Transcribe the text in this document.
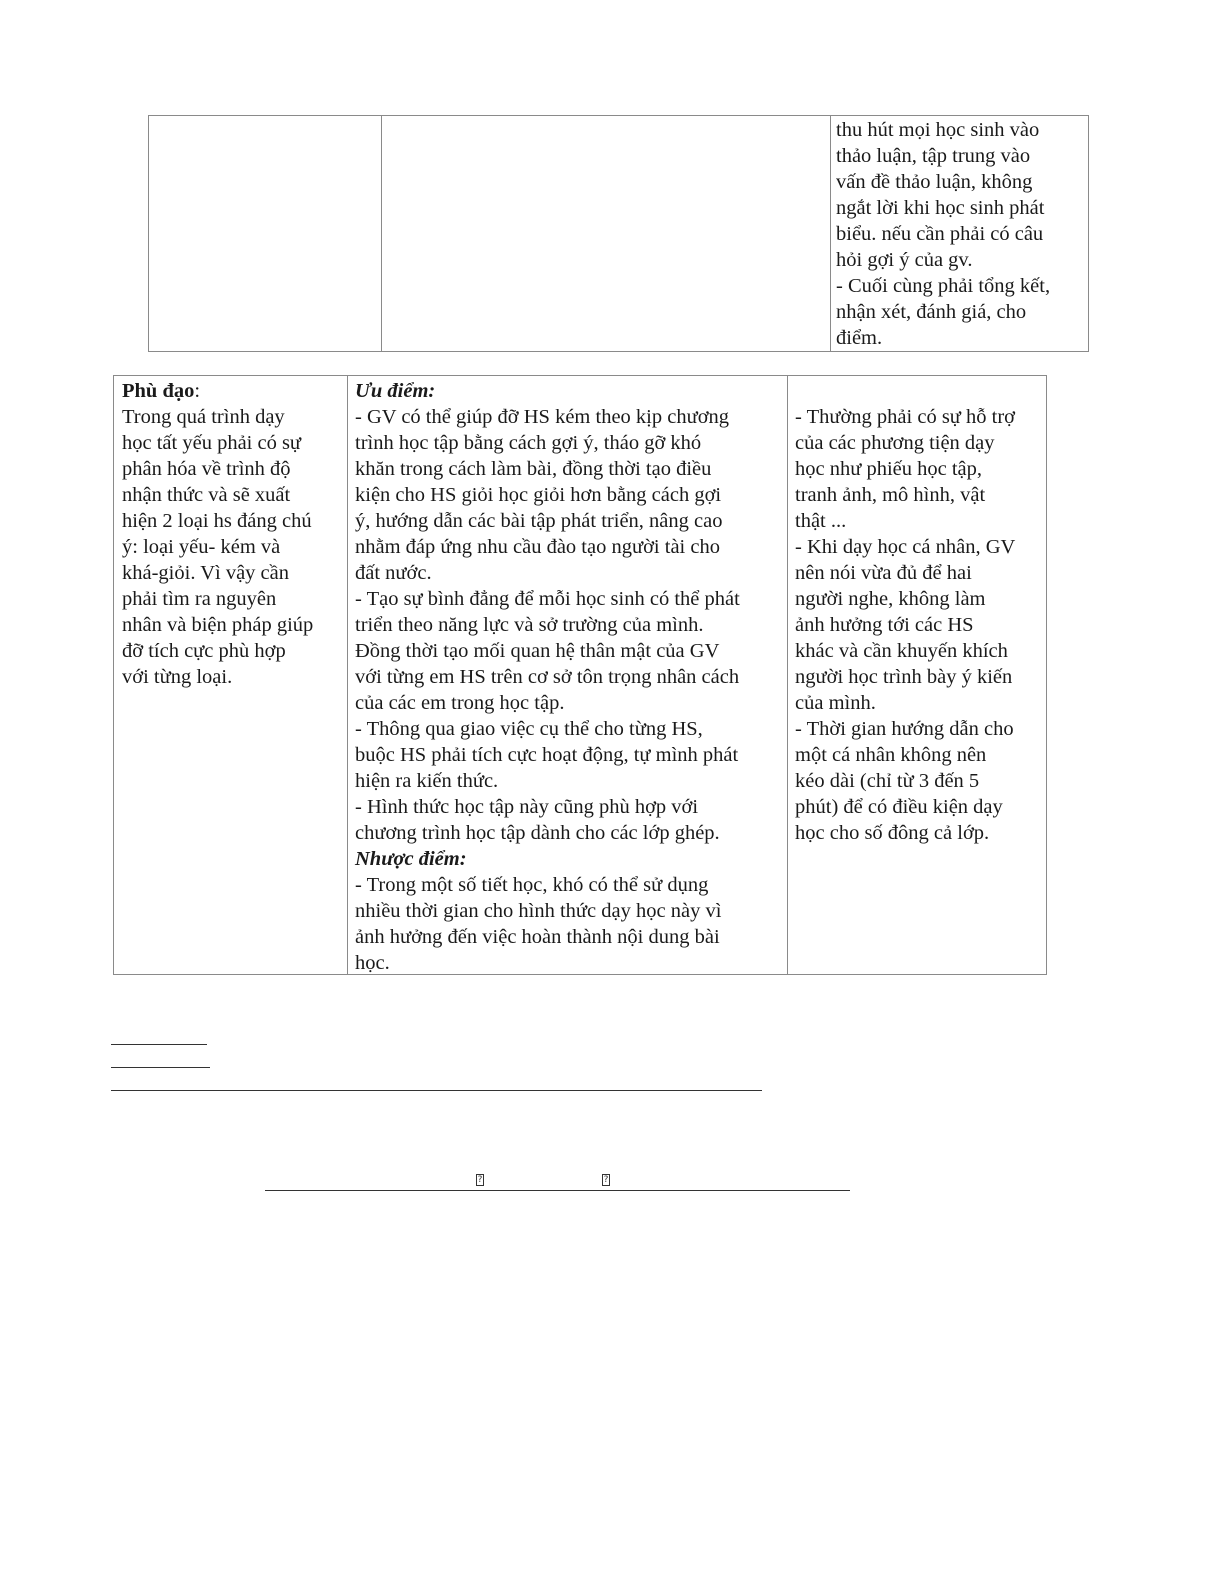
thu hút mọi học sinh vào

thảo luận, tập trung vào

vấn đề thảo luận, không

ngắt lời khi học sinh phát

biểu. nếu cần phải có câu

hỏi gợi ý của gv.

- Cuối cùng phải tổng kết,

nhận xét, đánh giá, cho

điểm.

Phù đạo:

Trong quá trình dạy

học tất yếu phải có sự

phân hóa về trình độ

nhận thức và sẽ xuất

hiện 2 loại hs đáng chú

ý: loại yếu- kém và

khá-giỏi. Vì vậy cần

phải tìm ra nguyên

nhân và biện pháp giúp

đỡ tích cực phù hợp

với từng loại.

Ưu điểm:

- GV có thể giúp đỡ HS kém theo kịp chương

trình học tập bằng cách gợi ý, tháo gỡ khó

khăn trong cách làm bài, đồng thời tạo điều

kiện cho HS giỏi học giỏi hơn bằng cách gợi

ý, hướng dẫn các bài tập phát triển, nâng cao

nhằm đáp ứng nhu cầu đào tạo người tài cho

đất nước.

- Tạo sự bình đẳng để mỗi học sinh có thể phát

triển theo năng lực và sở trường của mình.

Đồng thời tạo mối quan hệ thân mật của GV

với từng em HS trên cơ sở tôn trọng nhân cách

của các em trong học tập.

- Thông qua giao việc cụ thể cho từng HS,

buộc HS phải tích cực hoạt động, tự mình phát

hiện ra kiến thức.

- Hình thức học tập này cũng phù hợp với

chương trình học tập dành cho các lớp ghép.

Nhược điểm:

- Trong một số tiết học, khó có thể sử dụng

nhiều thời gian cho hình thức dạy học này vì

ảnh hưởng đến việc hoàn thành nội dung bài

học.

- Thường phải có sự hỗ trợ

của các phương tiện dạy

học như phiếu học tập,

tranh ảnh, mô hình, vật

thật ...

- Khi dạy học cá nhân, GV

nên nói vừa đủ để hai

người nghe, không làm

ảnh hưởng tới các HS

khác và cần khuyến khích

người học trình bày ý kiến

của mình.

- Thời gian hướng dẫn cho

một cá nhân không nên

kéo dài (chỉ từ 3 đến 5

phút) để có điều kiện dạy

học cho số đông cả lớp.

?	?
